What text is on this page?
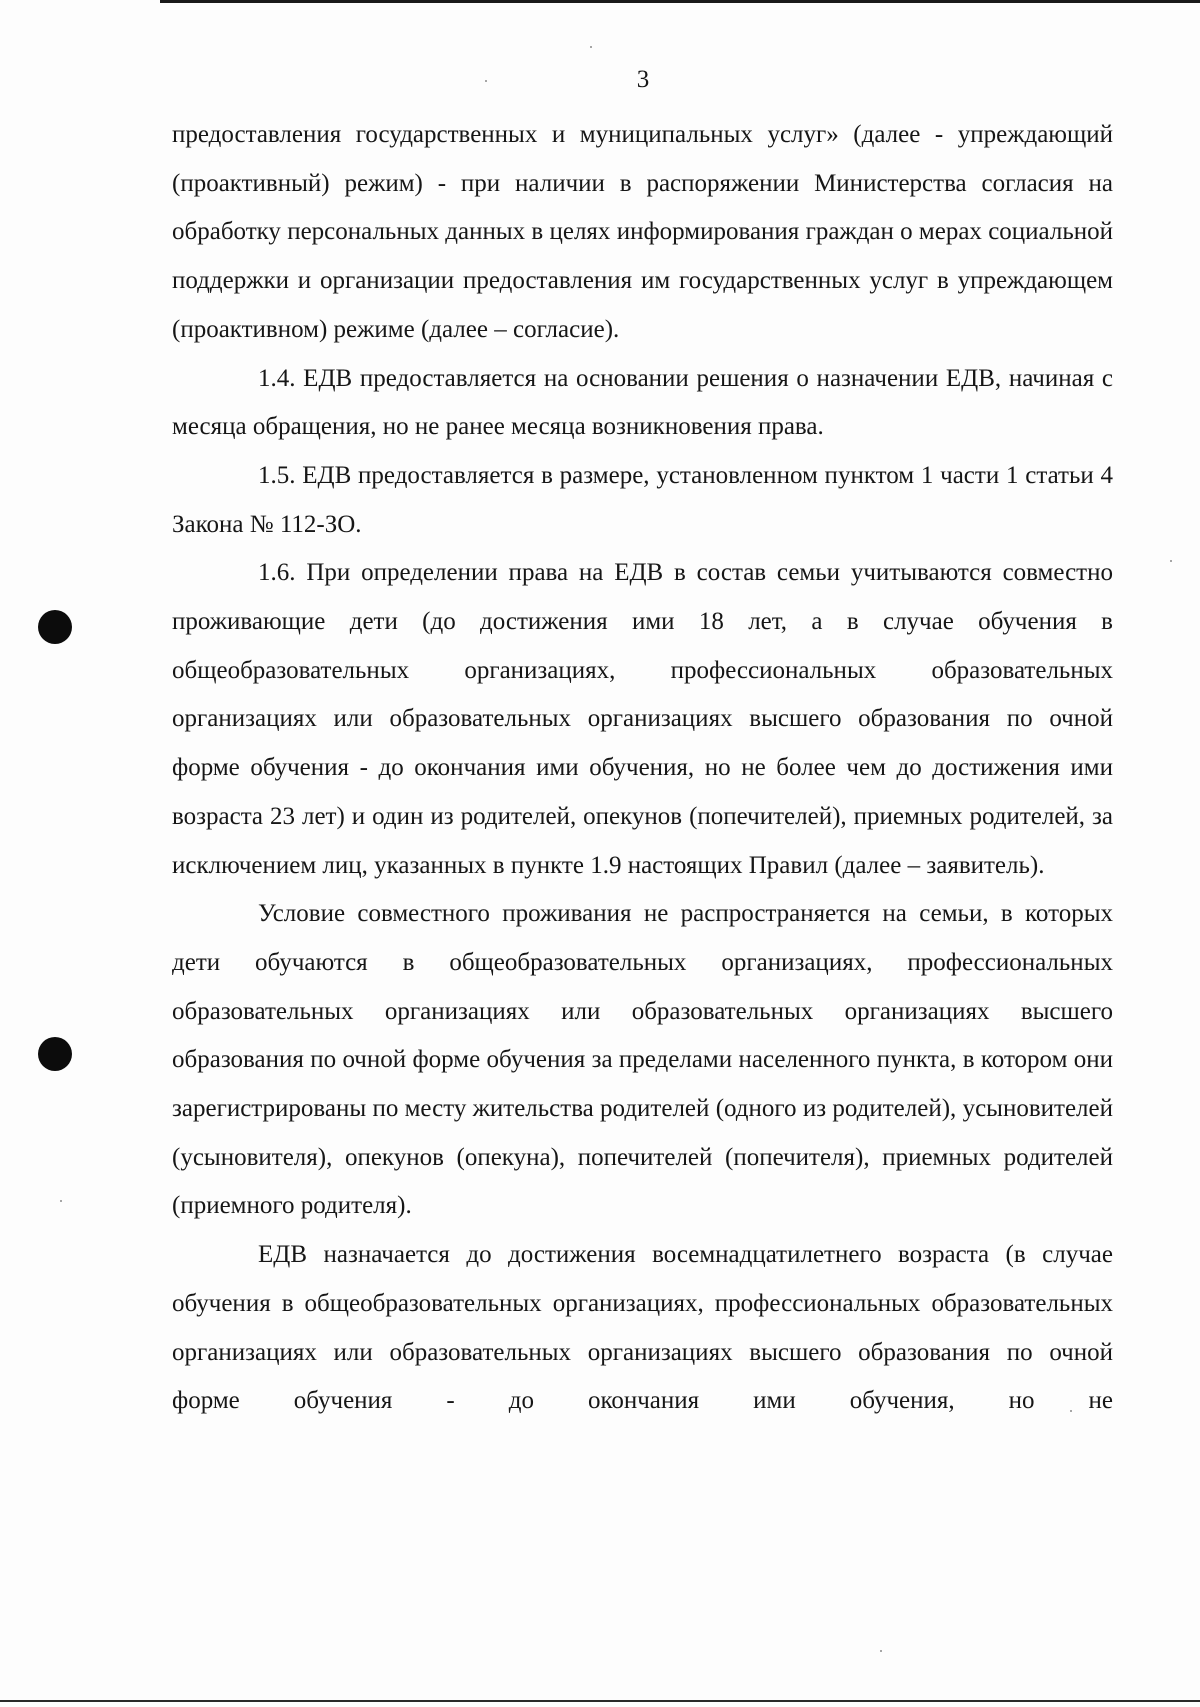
3

предоставления государственных и муниципальных услуг» (далее - упреждающий (проактивный) режим) - при наличии в распоряжении Министерства согласия на обработку персональных данных в целях информирования граждан о мерах социальной поддержки и организации предоставления им государственных услуг в упреждающем (проактивном) режиме (далее – согласие).

1.4. ЕДВ предоставляется на основании решения о назначении ЕДВ, начиная с месяца обращения, но не ранее месяца возникновения права.

1.5. ЕДВ предоставляется в размере, установленном пунктом 1 части 1 статьи 4 Закона № 112-ЗО.

1.6. При определении права на ЕДВ в состав семьи учитываются совместно проживающие дети (до достижения ими 18 лет, а в случае обучения в общеобразовательных организациях, профессиональных образовательных организациях или образовательных организациях высшего образования по очной форме обучения - до окончания ими обучения, но не более чем до достижения ими возраста 23 лет) и один из родителей, опекунов (попечителей), приемных родителей, за исключением лиц, указанных в пункте 1.9 настоящих Правил (далее – заявитель).

Условие совместного проживания не распространяется на семьи, в которых дети обучаются в общеобразовательных организациях, профессиональных образовательных организациях или образовательных организациях высшего образования по очной форме обучения за пределами населенного пункта, в котором они зарегистрированы по месту жительства родителей (одного из родителей), усыновителей (усыновителя), опекунов (опекуна), попечителей (попечителя), приемных родителей (приемного родителя).

ЕДВ назначается до достижения восемнадцатилетнего возраста (в случае обучения в общеобразовательных организациях, профессиональных образовательных организациях или образовательных организациях высшего образования по очной форме обучения - до окончания ими обучения, но не
